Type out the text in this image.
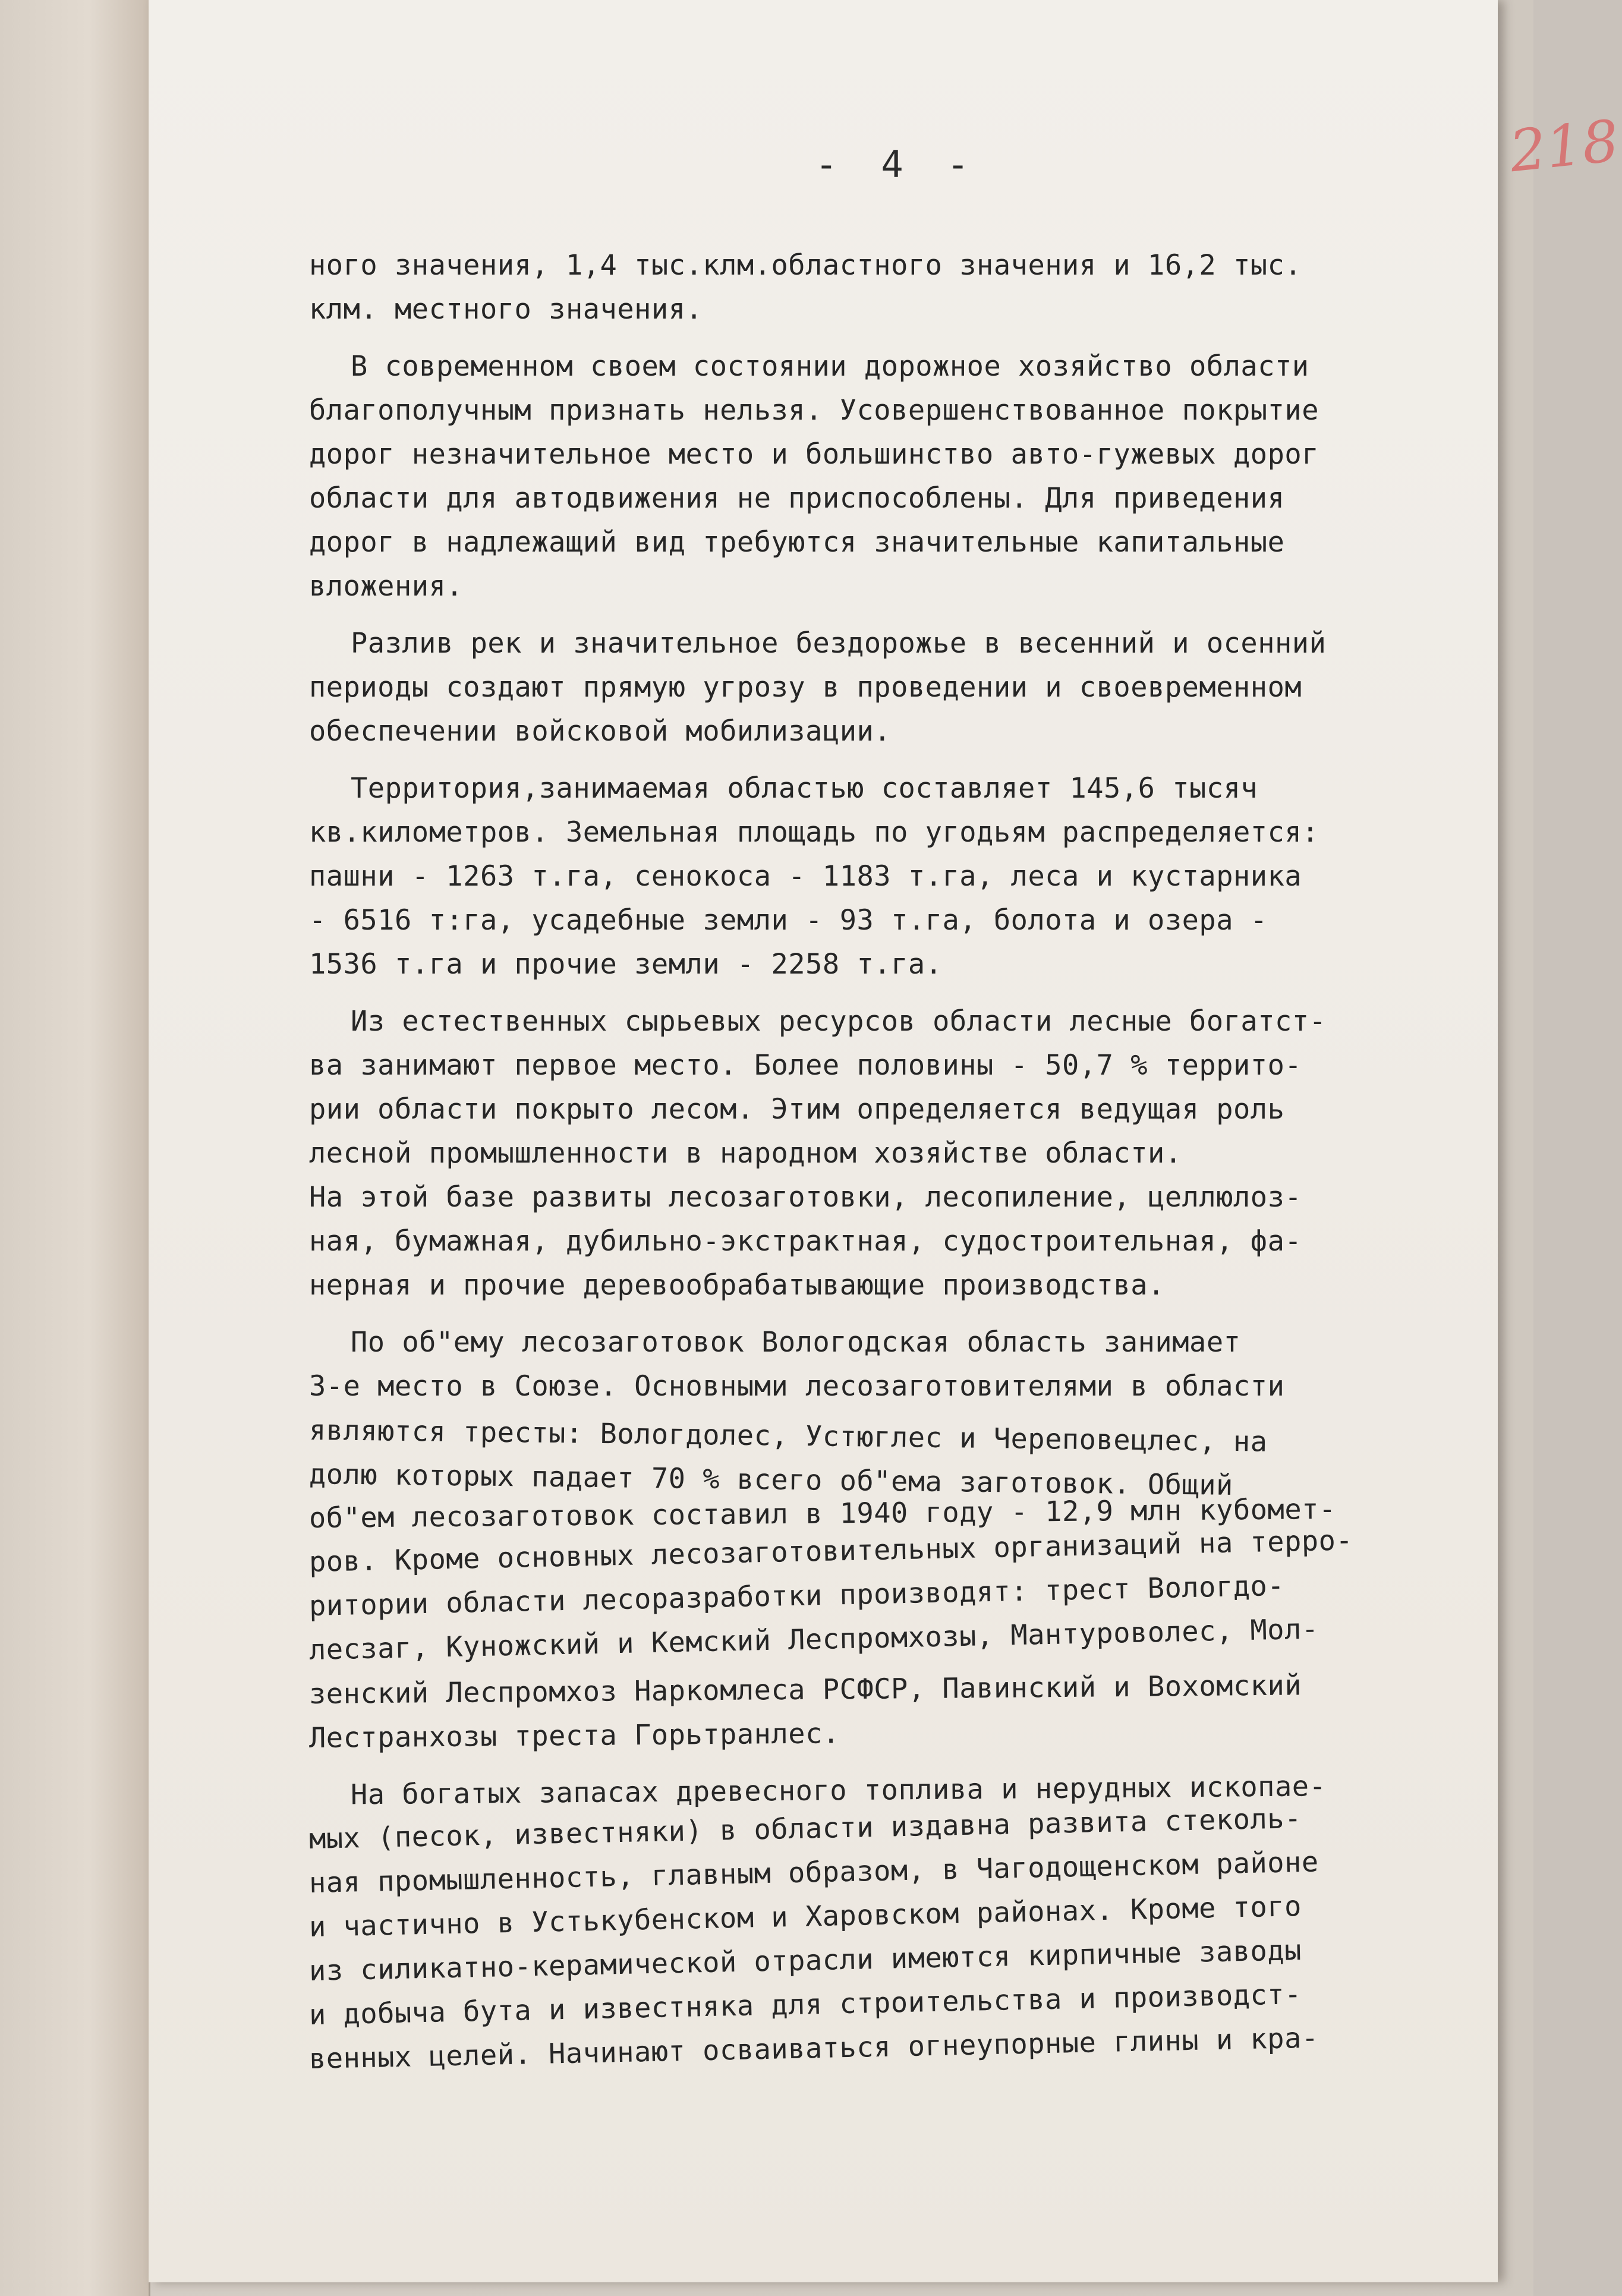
- 4 -	218
ного значения, 1,4 тыс.клм.областного значения и 16,2 тыс.
клм. местного значения.
В современном своем состоянии дорожное хозяйство области
благополучным признать нельзя. Усовершенствованное покрытие
дорог незначительное место и большинство авто-гужевых дорог
области для автодвижения не приспособлены. Для приведения
дорог в надлежащий вид требуются значительные капитальные
вложения.
Разлив рек и значительное бездорожье в весенний и осенний
периоды создают прямую угрозу в проведении и своевременном
обеспечении войсковой мобилизации.
Территория,занимаемая областью составляет 145,6 тысяч
кв.километров. Земельная площадь по угодьям распределяется:
пашни - 1263 т.га, сенокоса - 1183 т.га, леса и кустарника
- 6516 т:га, усадебные земли - 93 т.га, болота и озера -
1536 т.га и прочие земли - 2258 т.га.
Из естественных сырьевых ресурсов области лесные богатст-
ва занимают первое место. Более половины - 50,7 % террито-
рии области покрыто лесом. Этим определяется ведущая роль
лесной промышленности в народном хозяйстве области.
На этой базе развиты лесозаготовки, лесопиление, целлюлоз-
ная, бумажная, дубильно-экстрактная, судостроительная, фа-
нерная и прочие деревообрабатывающие производства.
По об"ему лесозаготовок Вологодская область занимает
3-е место в Союзе. Основными лесозаготовителями в области
являются тресты: Вологдолес, Устюглес и Череповецлес, на
долю которых падает 70 % всего об"ема заготовок. Общий
об"ем лесозаготовок составил в 1940 году - 12,9 млн кубомет-
ров. Кроме основных лесозаготовительных организаций на терро-
ритории области лесоразработки производят: трест Вологдо-
лесзаг, Куножский и Кемский Леспромхозы, Мантуроволес, Мол-
зенский Леспромхоз Наркомлеса РСФСР, Павинский и Вохомский
Лестранхозы треста Горьтранлес.
На богатых запасах древесного топлива и нерудных ископае-
мых (песок, известняки) в области издавна развита стеколь-
ная промышленность, главным образом, в Чагодощенском районе
и частично в Устькубенском и Харовском районах. Кроме того
из силикатно-керамической отрасли имеются кирпичные заводы
и добыча бута и известняка для строительства и производст-
венных целей. Начинают осваиваться огнеупорные глины и кра-
